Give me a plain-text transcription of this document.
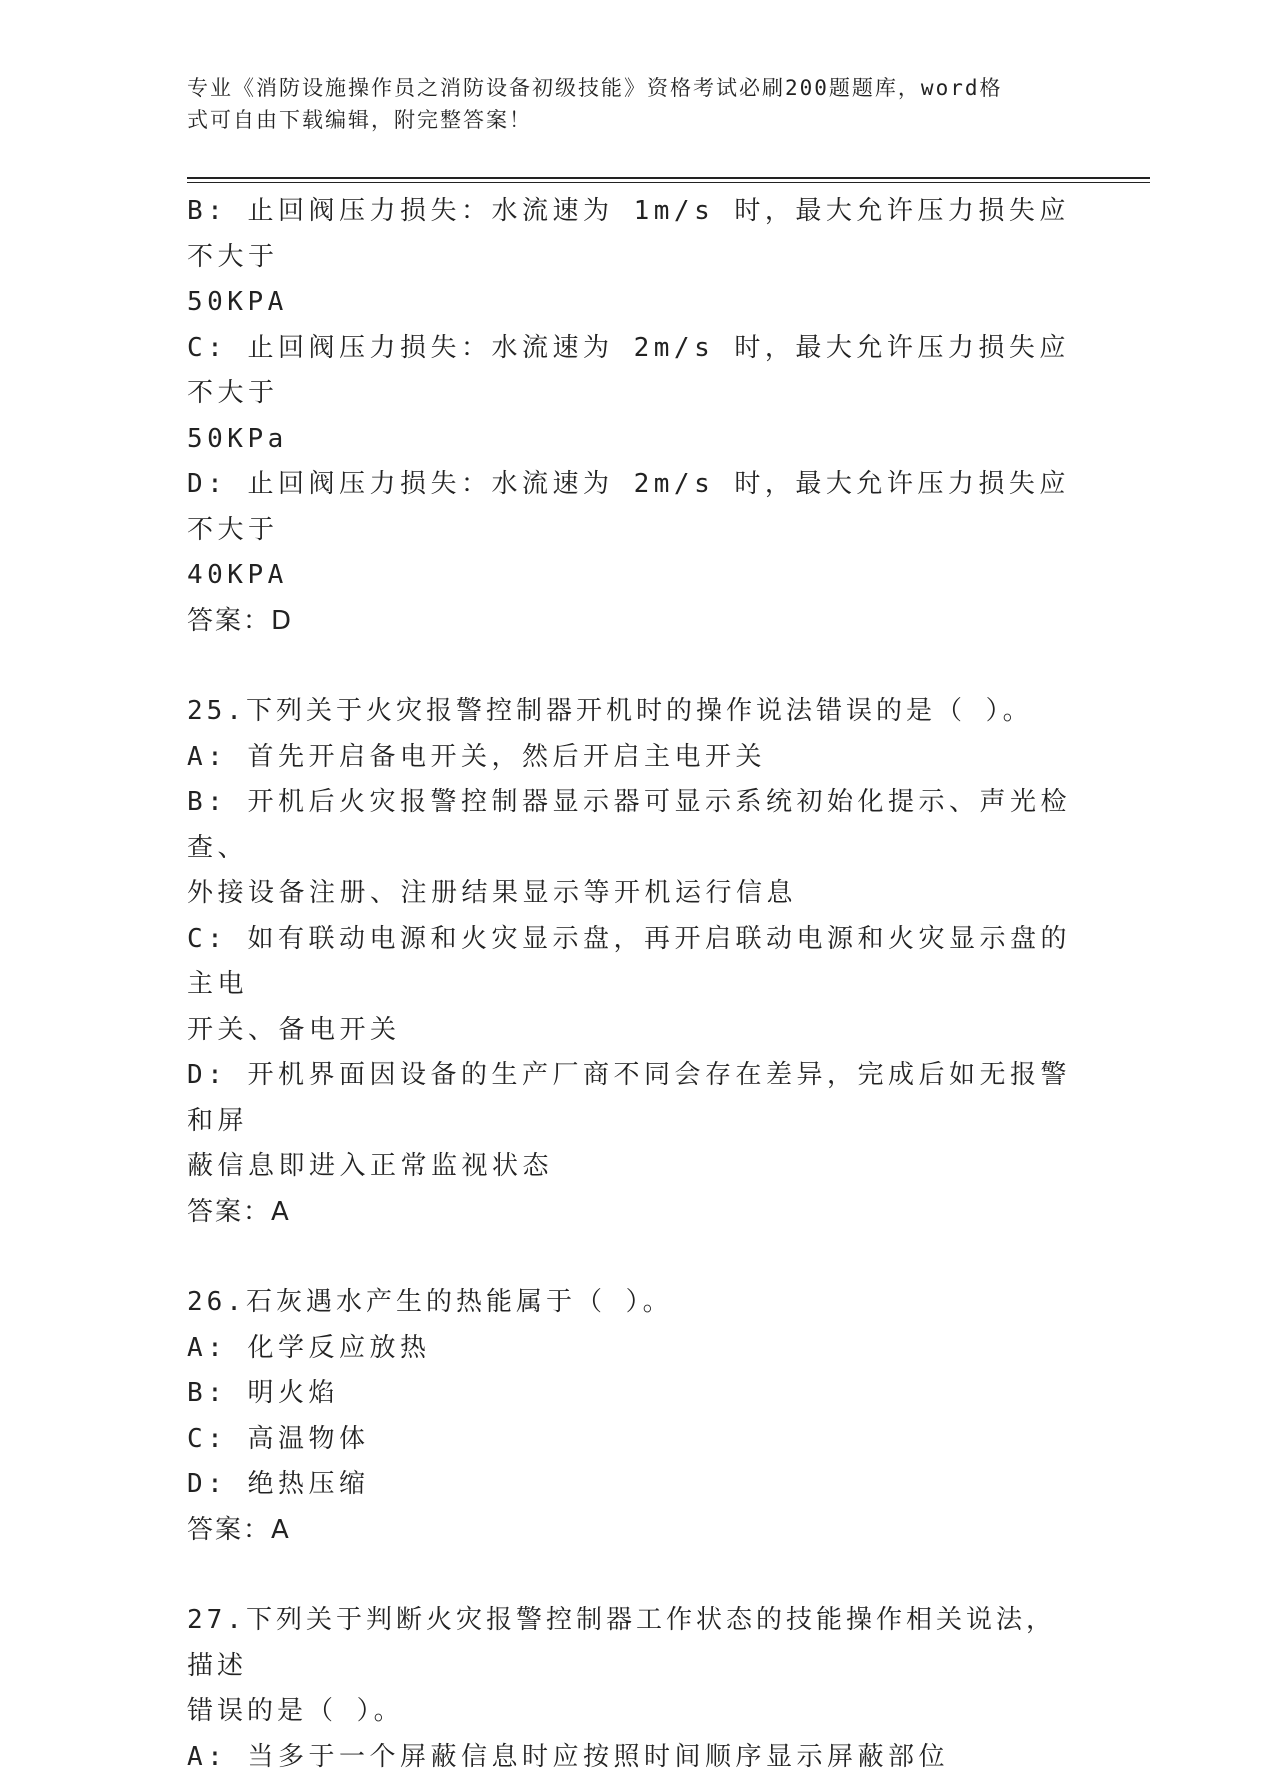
专业《消防设施操作员之消防设备初级技能》资格考试必刷200题题库，word格
式可自由下载编辑，附完整答案！
B: 止回阀压力损失：水流速为 1m/s 时，最大允许压力损失应不大于
50KPA
C: 止回阀压力损失：水流速为 2m/s 时，最大允许压力损失应不大于
50KPa
D: 止回阀压力损失：水流速为 2m/s 时，最大允许压力损失应不大于
40KPA
答案：D
25.下列关于火灾报警控制器开机时的操作说法错误的是（ ）。
A: 首先开启备电开关，然后开启主电开关
B: 开机后火灾报警控制器显示器可显示系统初始化提示、声光检查、
外接设备注册、注册结果显示等开机运行信息
C: 如有联动电源和火灾显示盘，再开启联动电源和火灾显示盘的主电
开关、备电开关
D: 开机界面因设备的生产厂商不同会存在差异，完成后如无报警和屏
蔽信息即进入正常监视状态
答案：A
26.石灰遇水产生的热能属于（ ）。
A: 化学反应放热
B: 明火焰
C: 高温物体
D: 绝热压缩
答案：A
27.下列关于判断火灾报警控制器工作状态的技能操作相关说法，描述
错误的是（ ）。
A: 当多于一个屏蔽信息时应按照时间顺序显示屏蔽部位
